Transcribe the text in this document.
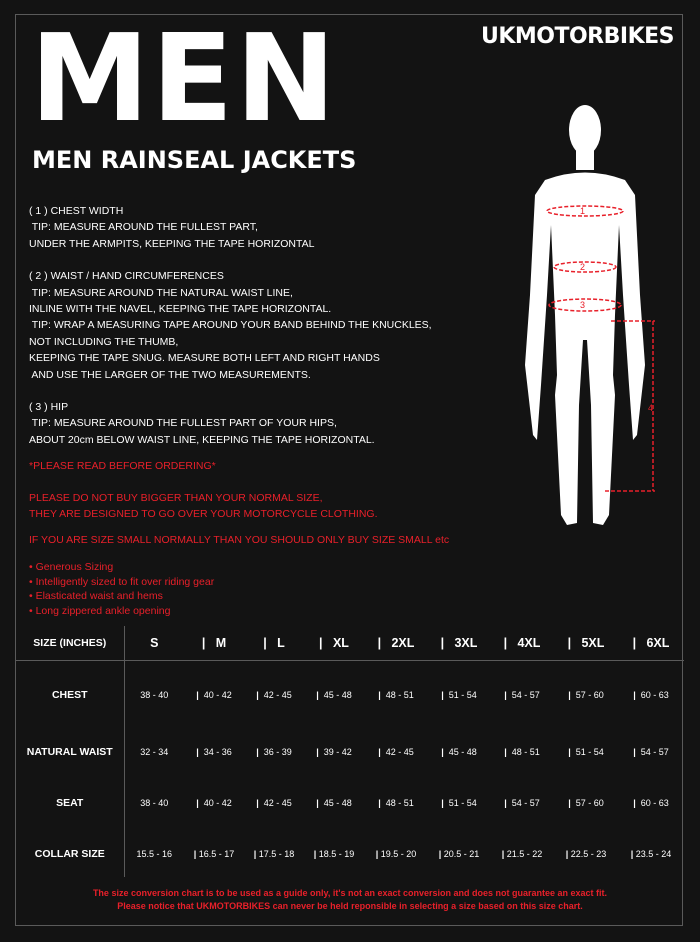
MEN
MEN RAINSEAL JACKETS
UKMOTORBIKES

( 1 ) CHEST WIDTH

TIP: MEASURE AROUND THE FULLEST PART,

UNDER THE ARMPITS, KEEPING THE TAPE HORIZONTAL

( 2 ) WAIST / HAND CIRCUMFERENCES

TIP: MEASURE AROUND THE NATURAL WAIST LINE,

INLINE WITH THE NAVEL, KEEPING THE TAPE HORIZONTAL.

TIP: WRAP A MEASURING TAPE AROUND YOUR BAND BEHIND THE KNUCKLES,

NOT INCLUDING THE THUMB,

KEEPING THE TAPE SNUG. MEASURE BOTH LEFT AND RIGHT HANDS

AND USE THE LARGER OF THE TWO MEASUREMENTS.

( 3 ) HIP

TIP: MEASURE AROUND THE FULLEST PART OF YOUR HIPS,

ABOUT 20cm BELOW WAIST LINE, KEEPING THE TAPE HORIZONTAL.

*PLEASE READ BEFORE ORDERING*

PLEASE DO NOT BUY BIGGER THAN YOUR NORMAL SIZE,

THEY ARE DESIGNED TO GO OVER YOUR MOTORCYCLE CLOTHING.

IF YOU ARE SIZE SMALL NORMALLY THAN YOU SHOULD ONLY BUY SIZE SMALL etc

• Generous Sizing
• Intelligently sized to fit over riding gear
• Elasticated waist and hems
• Long zippered ankle opening
1
2
3
4
SIZE (INCHES)	S	| M	| L	| XL	| 2XL	| 3XL	| 4XL	| 5XL	| 6XL
CHEST	38 - 40	| 40 - 42	| 42 - 45	| 45 - 48	| 48 - 51	| 51 - 54	| 54 - 57	| 57 - 60	| 60 - 63
NATURAL WAIST	32 - 34	| 34 - 36	| 36 - 39	| 39 - 42	| 42 - 45	| 45 - 48	| 48 - 51	| 51 - 54	| 54 - 57
SEAT	38 - 40	| 40 - 42	| 42 - 45	| 45 - 48	| 48 - 51	| 51 - 54	| 54 - 57	| 57 - 60	| 60 - 63
COLLAR SIZE	15.5 - 16	| 16.5 - 17	| 17.5 - 18	| 18.5 - 19	| 19.5 - 20	| 20.5 - 21	| 21.5 - 22	| 22.5 - 23	| 23.5 - 24

The size conversion chart is to be used as a guide only, it's not an exact conversion and does not guarantee an exact fit.

Please notice that UKMOTORBIKES can never be held reponsible in selecting a size based on this size chart.
